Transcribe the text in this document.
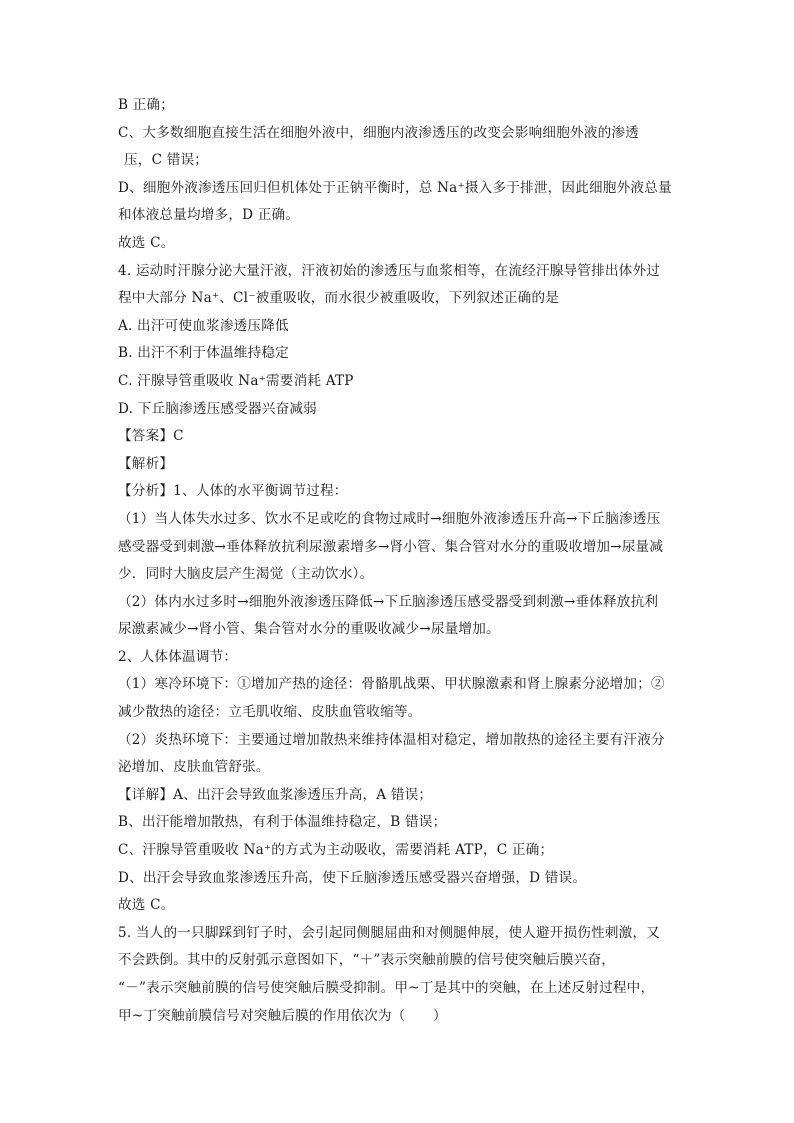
B 正确；
C、大多数细胞直接生活在细胞外液中，细胞内液渗透压的改变会影响细胞外液的渗透
压，C 错误；
D、细胞外液渗透压回归但机体处于正钠平衡时，总 Na⁺摄入多于排泄，因此细胞外液总量
和体液总量均增多，D 正确。
故选 C。
4. 运动时汗腺分泌大量汗液，汗液初始的渗透压与血浆相等，在流经汗腺导管排出体外过
程中大部分 Na⁺、Cl⁻被重吸收，而水很少被重吸收，下列叙述正确的是
A. 出汗可使血浆渗透压降低
B. 出汗不利于体温维持稳定
C. 汗腺导管重吸收 Na⁺需要消耗 ATP
D. 下丘脑渗透压感受器兴奋减弱
【答案】C
【解析】
【分析】1、人体的水平衡调节过程：
（1）当人体失水过多、饮水不足或吃的食物过咸时→细胞外液渗透压升高→下丘脑渗透压
感受器受到刺激→垂体释放抗利尿激素增多→肾小管、集合管对水分的重吸收增加→尿量减
少．同时大脑皮层产生渴觉（主动饮水）。
（2）体内水过多时→细胞外液渗透压降低→下丘脑渗透压感受器受到刺激→垂体释放抗利
尿激素减少→肾小管、集合管对水分的重吸收减少→尿量增加。
2、人体体温调节：
（1）寒冷环境下：①增加产热的途径：骨骼肌战栗、甲状腺激素和肾上腺素分泌增加；②
减少散热的途径：立毛肌收缩、皮肤血管收缩等。
（2）炎热环境下：主要通过增加散热来维持体温相对稳定，增加散热的途径主要有汗液分
泌增加、皮肤血管舒张。
【详解】A、出汗会导致血浆渗透压升高，A 错误；
B、出汗能增加散热，有利于体温维持稳定，B 错误；
C、汗腺导管重吸收 Na⁺的方式为主动吸收，需要消耗 ATP，C 正确；
D、出汗会导致血浆渗透压升高，使下丘脑渗透压感受器兴奋增强，D 错误。
故选 C。
5. 当人的一只脚踩到钉子时，会引起同侧腿屈曲和对侧腿伸展，使人避开损伤性刺激，又
不会跌倒。其中的反射弧示意图如下，“＋”表示突触前膜的信号使突触后膜兴奋，
“－”表示突触前膜的信号使突触后膜受抑制。甲~丁是其中的突触，在上述反射过程中，
甲~丁突触前膜信号对突触后膜的作用依次为（　　）
